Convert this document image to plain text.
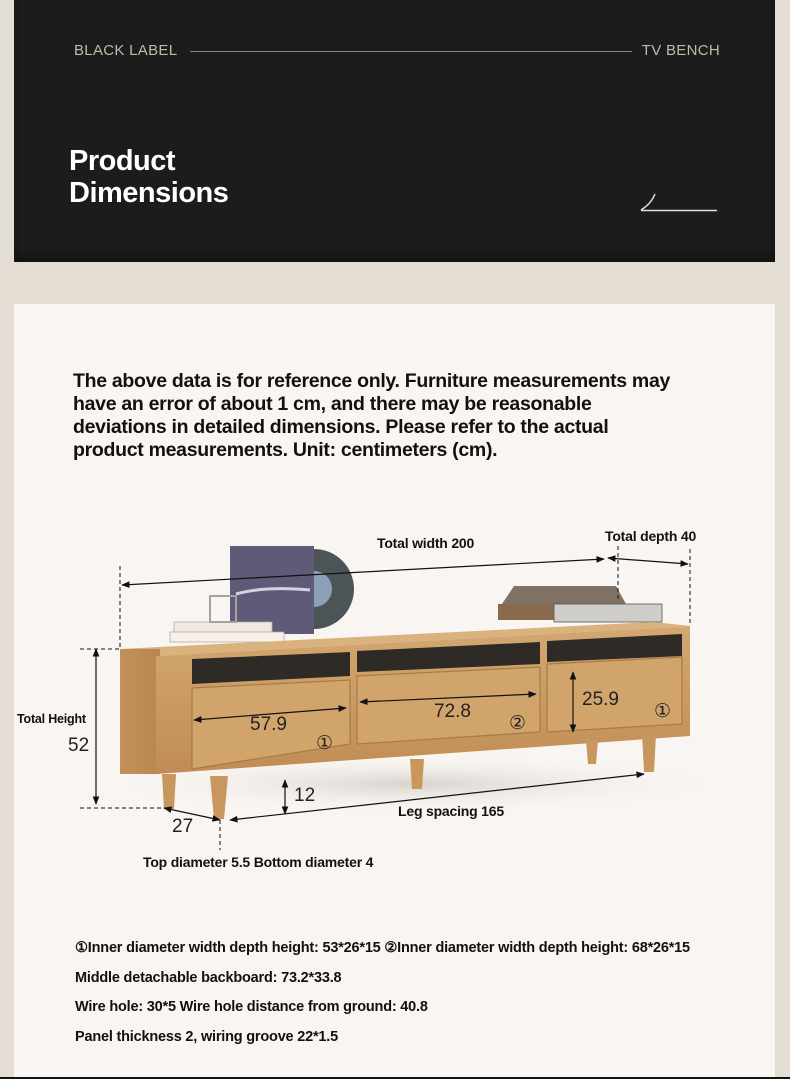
BLACK LABEL	TV BENCH
Product
Dimensions
The above data is for reference only. Furniture measurements may have an error of about 1 cm, and there may be reasonable deviations in detailed dimensions. Please refer to the actual product measurements. Unit: centimeters (cm).
Total width 200	Total depth 40
Total Height
52
57.9
72.8
25.9
①
②
①
12
27
Leg spacing 165
Top diameter 5.5 Bottom diameter 4
①Inner diameter width depth height: 53*26*15 ②Inner diameter width depth height: 68*26*15
Middle detachable backboard: 73.2*33.8
Wire hole: 30*5 Wire hole distance from ground: 40.8
Panel thickness 2, wiring groove 22*1.5
